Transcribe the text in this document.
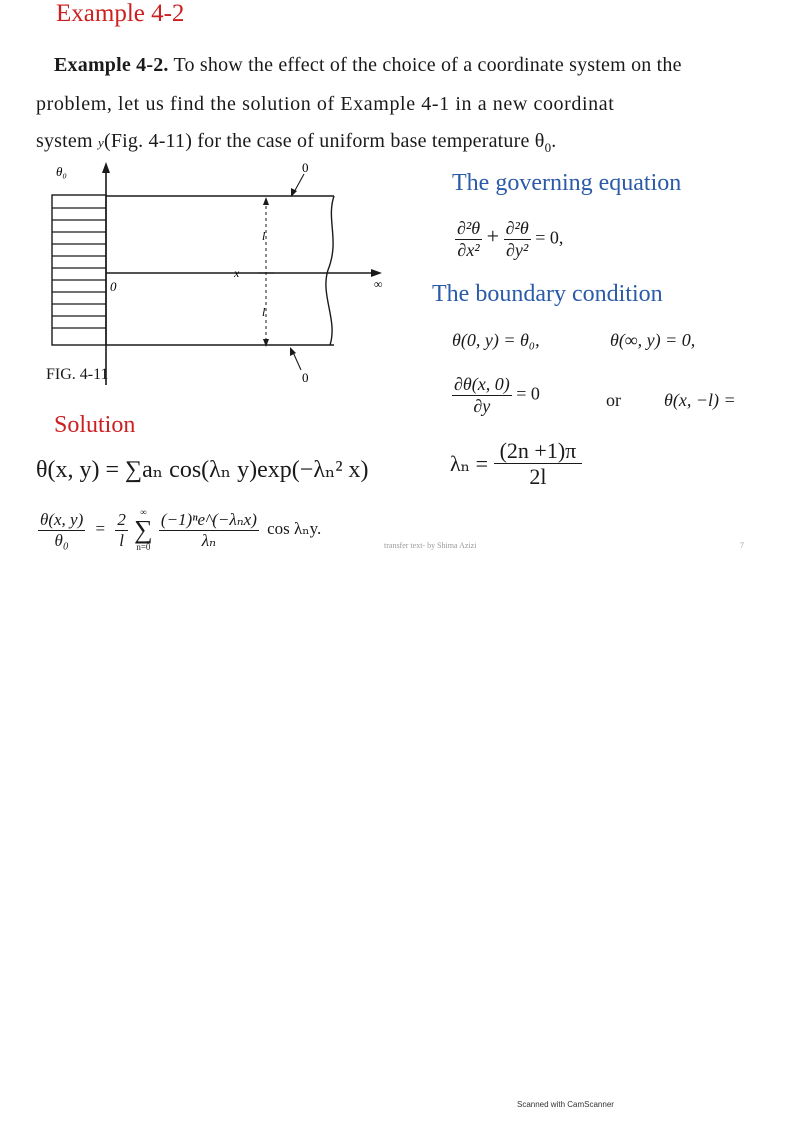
Example 4-2
Example 4-2. To show the effect of the choice of a coordinate system on the
problem, let us find the solution of Example 4-1 in a new coordinat
system y(Fig. 4-11) for the case of uniform base temperature $\theta_0$.
θ₀	0
0
0
x
∞
l
l
FIG. 4-11
The governing equation
$\frac{\text{∂²θ}}{\text{∂x²}} + \frac{\text{∂²θ}}{\text{∂y²}} = 0$,
The boundary condition
θ(0, y) = θ₀,	θ(∞, y) = 0,
$\frac{\partial\theta(x, 0)}{\partial y} = 0$	or θ(x, −l) =
Solution
θ(x, y) = ∑aₙ cos(λₙ y)exp(−λₙ² x)	$\lambda_n = \frac{(2n +1)\pi}{2l}$
$\frac{\theta(x, y)}{\text{θ₀}} = \frac{2}{l}$
∞
∑
n=0
$\frac{\text{(−1)ⁿe\textasciicircum{}(−λₙx)}}{\text{λₙ}}$ cos λₙy.
transfer text- by Shima Azizi	7
Scanned with CamScanner
